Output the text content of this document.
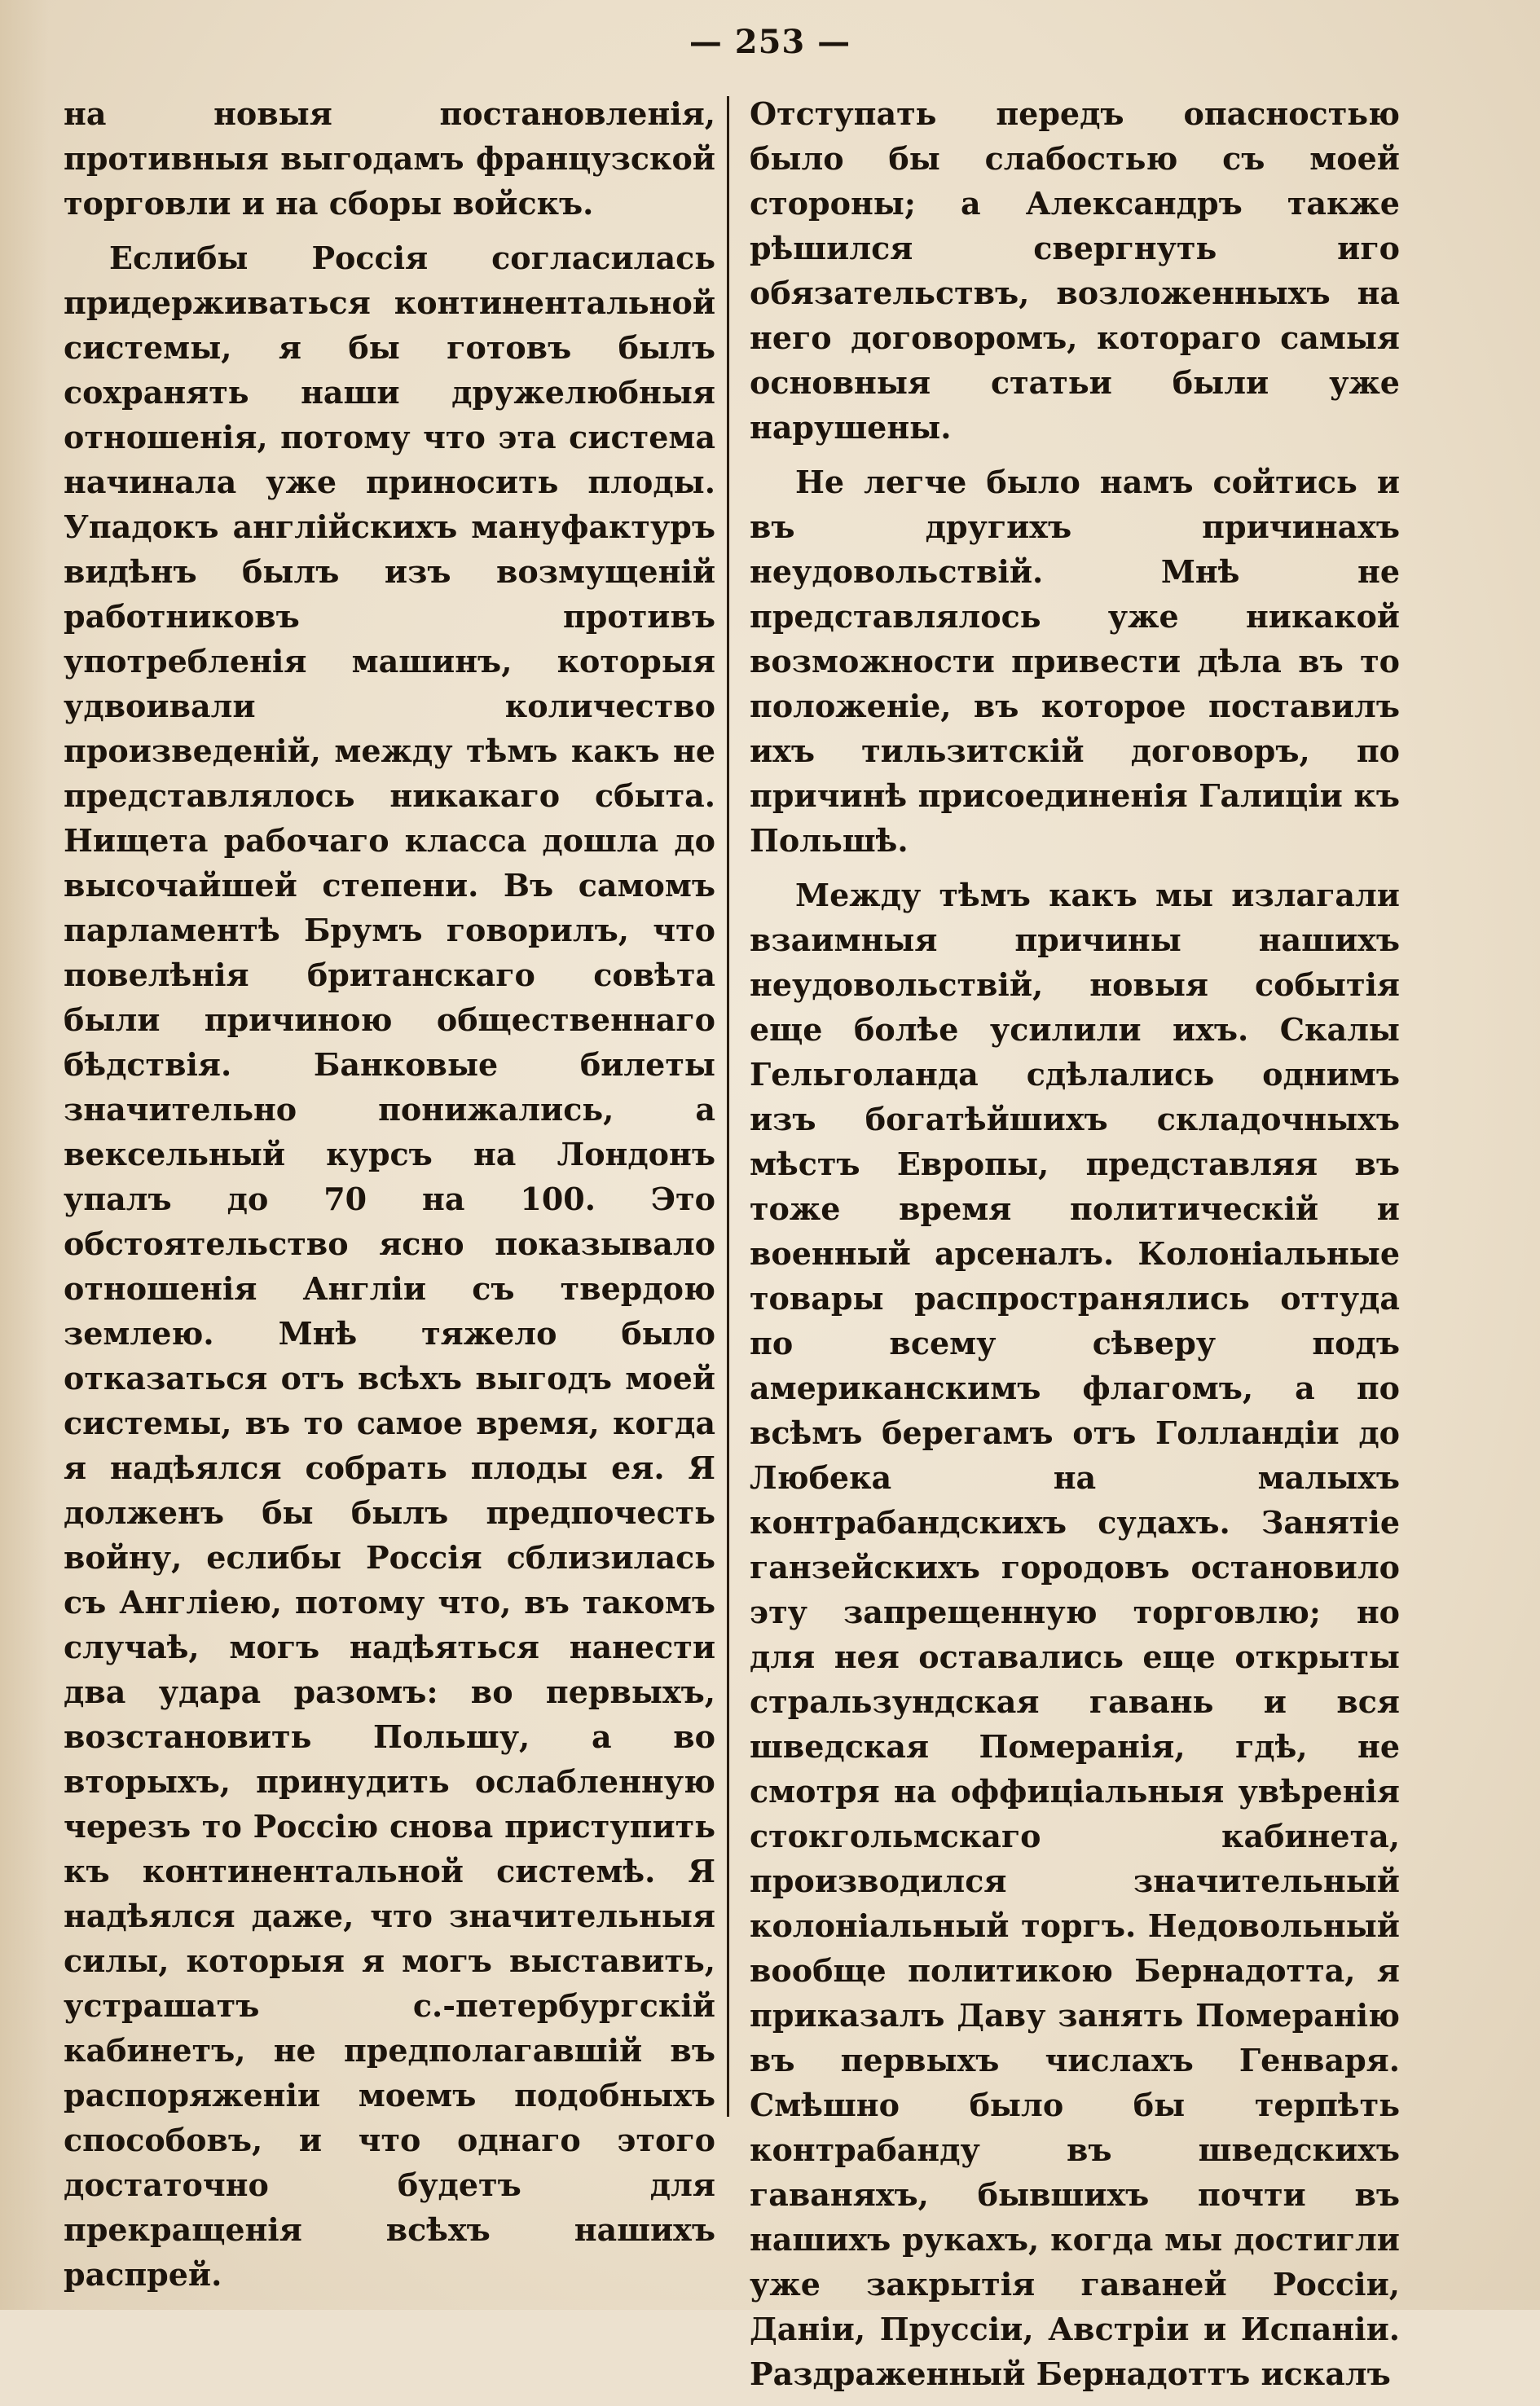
— 253 —

на новыя постановленія, противныя выгодамъ французской торговли и на сборы войскъ.

Еслибы Россія согласилась придерживаться континентальной системы, я бы готовъ былъ сохранять наши дружелюбныя отношенія, потому что эта система начинала уже приносить плоды. Упадокъ англійскихъ мануфактуръ видѣнъ былъ изъ возмущеній работниковъ противъ употребленія машинъ, которыя удвоивали количество произведеній, между тѣмъ какъ не представлялось никакаго сбыта. Нищета рабочаго класса дошла до высочайшей степени. Въ самомъ парламентѣ Брумъ говорилъ, что повелѣнія британскаго совѣта были причиною общественнаго бѣдствія. Банковые билеты значительно понижались, а вексельный курсъ на Лондонъ упалъ до 70 на 100. Это обстоятельство ясно показывало отношенія Англіи съ твердою землею. Мнѣ тяжело было отказаться отъ всѣхъ выгодъ моей системы, въ то самое время, когда я надѣялся собрать плоды ея. Я долженъ бы былъ предпочесть войну, еслибы Россія сблизилась съ Англіею, потому что, въ такомъ случаѣ, могъ надѣяться нанести два удара разомъ: во первыхъ, возстановить Польшу, а во вторыхъ, принудить ослабленную черезъ то Россію снова приступить къ континентальной системѣ. Я надѣялся даже, что значительныя силы, которыя я могъ выставить, устрашатъ с.-петербургскій кабинетъ, не предполагавшій въ распоряженіи моемъ подобныхъ способовъ, и что однаго этого достаточно будетъ для прекращенія всѣхъ нашихъ распрей.

Отступать передъ опасностью было бы слабостью съ моей стороны; а Александръ также рѣшился свергнуть иго обязательствъ, возложенныхъ на него договоромъ, котораго самыя основныя статьи были уже нарушены.

Не легче было намъ сойтись и въ другихъ причинахъ неудовольствій. Мнѣ не представлялось уже никакой возможности привести дѣла въ то положеніе, въ которое поставилъ ихъ тильзитскій договоръ, по причинѣ присоединенія Галиціи къ Польшѣ.

Между тѣмъ какъ мы излагали взаимныя причины нашихъ неудовольствій, новыя событія еще болѣе усилили ихъ. Скалы Гельголанда сдѣлались однимъ изъ богатѣйшихъ складочныхъ мѣстъ Европы, представляя въ тоже время политическій и военный арсеналъ. Колоніальные товары распространялись оттуда по всему сѣверу подъ американскимъ флагомъ, а по всѣмъ берегамъ отъ Голландіи до Любека на малыхъ контрабандскихъ судахъ. Занятіе ганзейскихъ городовъ остановило эту запрещенную торговлю; но для нея оставались еще открыты стральзундская гавань и вся шведская Померанія, гдѣ, не смотря на оффиціальныя увѣренія стокгольмскаго кабинета, производился значительный колоніальный торгъ. Недовольный вообще политикою Бернадотта, я приказалъ Даву занять Померанію въ первыхъ числахъ Генваря. Смѣшно было бы терпѣть контрабанду въ шведскихъ гаваняхъ, бывшихъ почти въ нашихъ рукахъ, когда мы достигли уже закрытія гаваней Россіи, Даніи, Пруссіи, Австріи и Испаніи. Раздраженный Бернадоттъ искалъ
